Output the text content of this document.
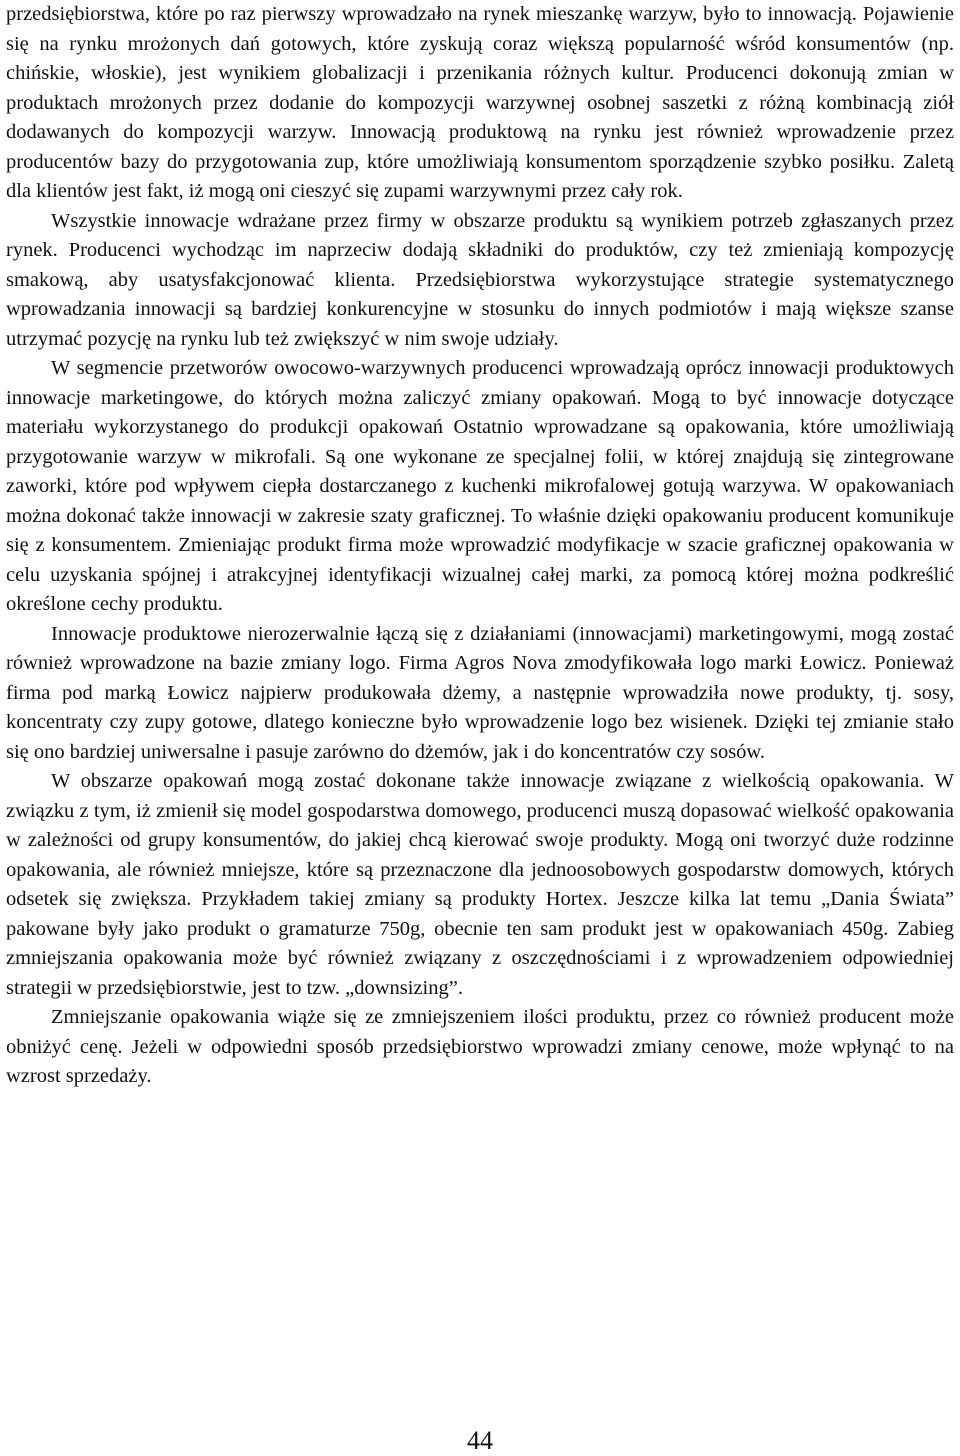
przedsiębiorstwa, które po raz pierwszy wprowadzało na rynek mieszankę warzyw, było to innowacją. Pojawienie się na rynku mrożonych dań gotowych, które zyskują coraz większą popularność wśród konsumentów (np. chińskie, włoskie), jest wynikiem globalizacji i przenikania różnych kultur. Producenci dokonują zmian w produktach mrożonych przez dodanie do kompozycji warzywnej osobnej saszetki z różną kombinacją ziół dodawanych do kompozycji warzyw. Innowacją produktową na rynku jest również wprowadzenie przez producentów bazy do przygotowania zup, które umożliwiają konsumentom sporządzenie szybko posiłku. Zaletą dla klientów jest fakt, iż mogą oni cieszyć się zupami warzywnymi przez cały rok.

Wszystkie innowacje wdrażane przez firmy w obszarze produktu są wynikiem potrzeb zgłaszanych przez rynek. Producenci wychodząc im naprzeciw dodają składniki do produktów, czy też zmieniają kompozycję smakową, aby usatysfakcjonować klienta. Przedsiębiorstwa wykorzystujące strategie systematycznego wprowadzania innowacji są bardziej konkurencyjne w stosunku do innych podmiotów i mają większe szanse utrzymać pozycję na rynku lub też zwiększyć w nim swoje udziały.

W segmencie przetworów owocowo-warzywnych producenci wprowadzają oprócz innowacji produktowych innowacje marketingowe, do których można zaliczyć zmiany opakowań. Mogą to być innowacje dotyczące materiału wykorzystanego do produkcji opakowań Ostatnio wprowadzane są opakowania, które umożliwiają przygotowanie warzyw w mikrofali. Są one wykonane ze specjalnej folii, w której znajdują się zintegrowane zaworki, które pod wpływem ciepła dostarczanego z kuchenki mikrofalowej gotują warzywa. W opakowaniach można dokonać także innowacji w zakresie szaty graficznej. To właśnie dzięki opakowaniu producent komunikuje się z konsumentem. Zmieniając produkt firma może wprowadzić modyfikacje w szacie graficznej opakowania w celu uzyskania spójnej i atrakcyjnej identyfikacji wizualnej całej marki, za pomocą której można podkreślić określone cechy produktu.

Innowacje produktowe nierozerwalnie łączą się z działaniami (innowacjami) marketingowymi, mogą zostać również wprowadzone na bazie zmiany logo. Firma Agros Nova zmodyfikowała logo marki Łowicz. Ponieważ firma pod marką Łowicz najpierw produkowała dżemy, a następnie wprowadziła nowe produkty, tj. sosy, koncentraty czy zupy gotowe, dlatego konieczne było wprowadzenie logo bez wisienek. Dzięki tej zmianie stało się ono bardziej uniwersalne i pasuje zarówno do dżemów, jak i do koncentratów czy sosów.

W obszarze opakowań mogą zostać dokonane także innowacje związane z wielkością opakowania. W związku z tym, iż zmienił się model gospodarstwa domowego, producenci muszą dopasować wielkość opakowania w zależności od grupy konsumentów, do jakiej chcą kierować swoje produkty. Mogą oni tworzyć duże rodzinne opakowania, ale również mniejsze, które są przeznaczone dla jednoosobowych gospodarstw domowych, których odsetek się zwiększa. Przykładem takiej zmiany są produkty Hortex. Jeszcze kilka lat temu „Dania Świata” pakowane były jako produkt o gramaturze 750g, obecnie ten sam produkt jest w opakowaniach 450g. Zabieg zmniejszania opakowania może być również związany z oszczędnościami i z wprowadzeniem odpowiedniej strategii w przedsiębiorstwie, jest to tzw. „downsizing”.

Zmniejszanie opakowania wiąże się ze zmniejszeniem ilości produktu, przez co również producent może obniżyć cenę. Jeżeli w odpowiedni sposób przedsiębiorstwo wprowadzi zmiany cenowe, może wpłynąć to na wzrost sprzedaży.

44
